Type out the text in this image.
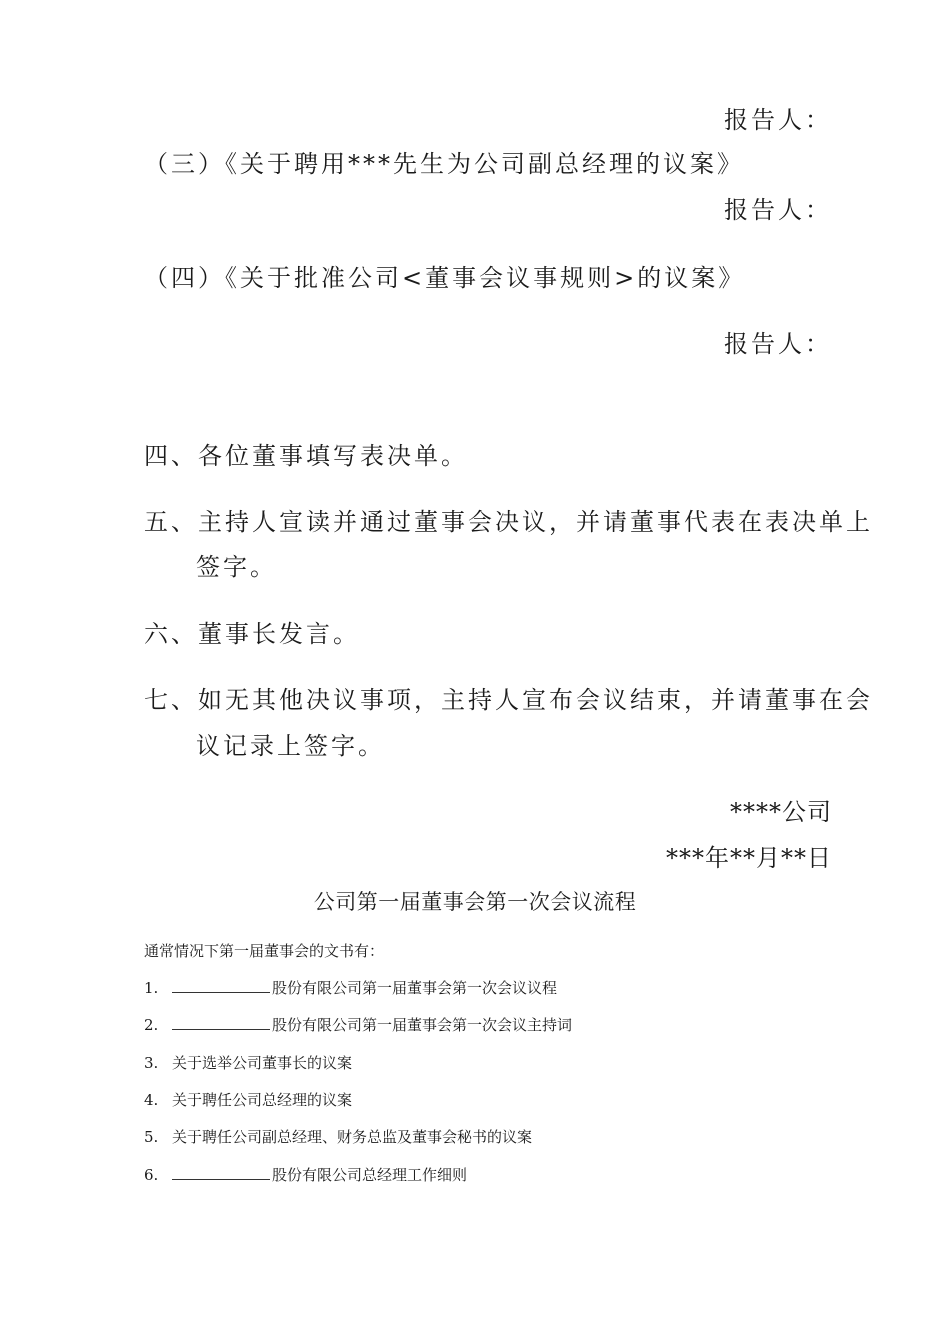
报告人：
（三）《关于聘用***先生为公司副总经理的议案》
报告人：
（四）《关于批准公司<董事会议事规则>的议案》
报告人：
四、各位董事填写表决单。
五、主持人宣读并通过董事会决议，并请董事代表在表决单上
签字。
六、董事长发言。
七、如无其他决议事项，主持人宣布会议结束，并请董事在会
议记录上签字。
****公司
***年**月**日
公司第一届董事会第一次会议流程
通常情况下第一届董事会的文书有：
1.	股份有限公司第一届董事会第一次会议议程
2.	股份有限公司第一届董事会第一次会议主持词
3. 关于选举公司董事长的议案
4. 关于聘任公司总经理的议案
5. 关于聘任公司副总经理、财务总监及董事会秘书的议案
6.	股份有限公司总经理工作细则
